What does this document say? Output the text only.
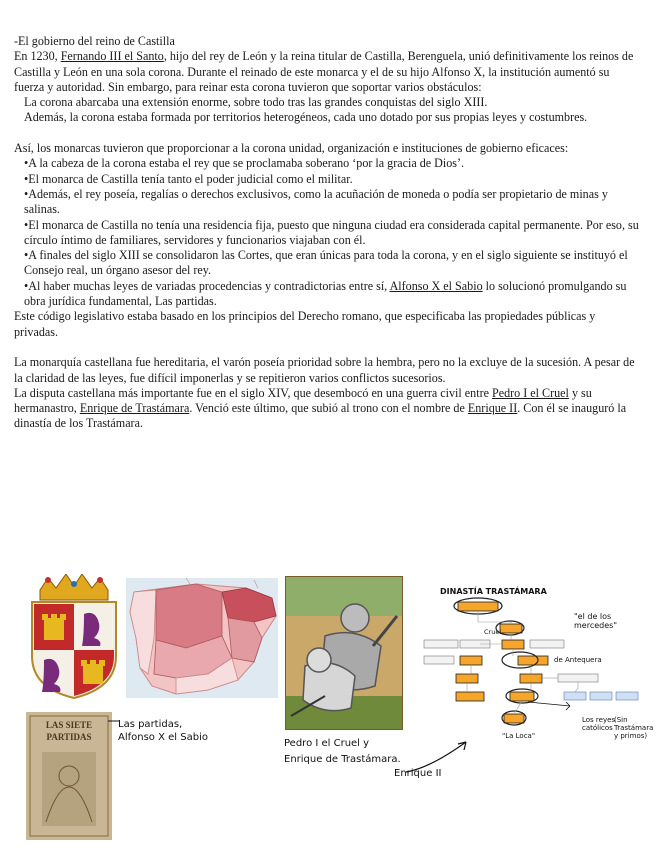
-El gobierno del reino de Castilla

En 1230, Fernando III el Santo, hijo del rey de León y la reina titular de Castilla, Berenguela, unió definitivamente los reinos de Castilla y León en una sola corona. Durante el reinado de este monarca y el de su hijo Alfonso X, la institución aumentó su fuerza y autoridad. Sin embargo, para reinar esta corona tuvieron que soportar varios obstáculos:

La corona abarcaba una extensión enorme, sobre todo tras las grandes conquistas del siglo XIII.

Además, la corona estaba formada por territorios heterogéneos, cada uno dotado por sus propias leyes y costumbres.

Así, los monarcas tuvieron que proporcionar a la corona unidad, organización e instituciones de gobierno eficaces:

•A la cabeza de la corona estaba el rey que se proclamaba soberano ‘por la gracia de Dios’.

•El monarca de Castilla tenía tanto el poder judicial como el militar.

•Además, el rey poseía, regalías o derechos exclusivos, como la acuñación de moneda o podía ser propietario de minas y salinas.

•El monarca de Castilla no tenía una residencia fija, puesto que ninguna ciudad era considerada capital permanente. Por eso, su círculo íntimo de familiares, servidores y funcionarios viajaban con él.

•A finales del siglo XIII se consolidaron las Cortes, que eran únicas para toda la corona, y en el siglo siguiente se instituyó el Consejo real, un órgano asesor del rey.

•Al haber muchas leyes de variadas procedencias y contradictorias entre sí, Alfonso X el Sabio lo solucionó promulgando su obra jurídica fundamental, Las partidas.

Este código legislativo estaba basado en los principios del Derecho romano, que especificaba las propiedades públicas y privadas.

La monarquía castellana fue hereditaria, el varón poseía prioridad sobre la hembra, pero no la excluye de la sucesión. A pesar de la claridad de las leyes, fue difícil imponerlas y se repitieron varios conflictos sucesorios.

La disputa castellana más importante fue en el siglo XIV, que desembocó en una guerra civil entre Pedro I el Cruel y su hermanastro, Enrique de Trastámara. Venció este último, que subió al trono con el nombre de Enrique II. Con él se inauguró la dinastía de los Trastámara.

DINASTÍA TRASTÁMARA
Cruel
de Antequera
"La Loca"
"el de los
mercedes"
Los reyes
católicos
(Sin
Trastámara
y primos)
LAS SIETE
PARTIDAS
Las partidas,
Alfonso X el Sabio
Pedro I el Cruel y
Enrique de Trastámara.
Enrique II
